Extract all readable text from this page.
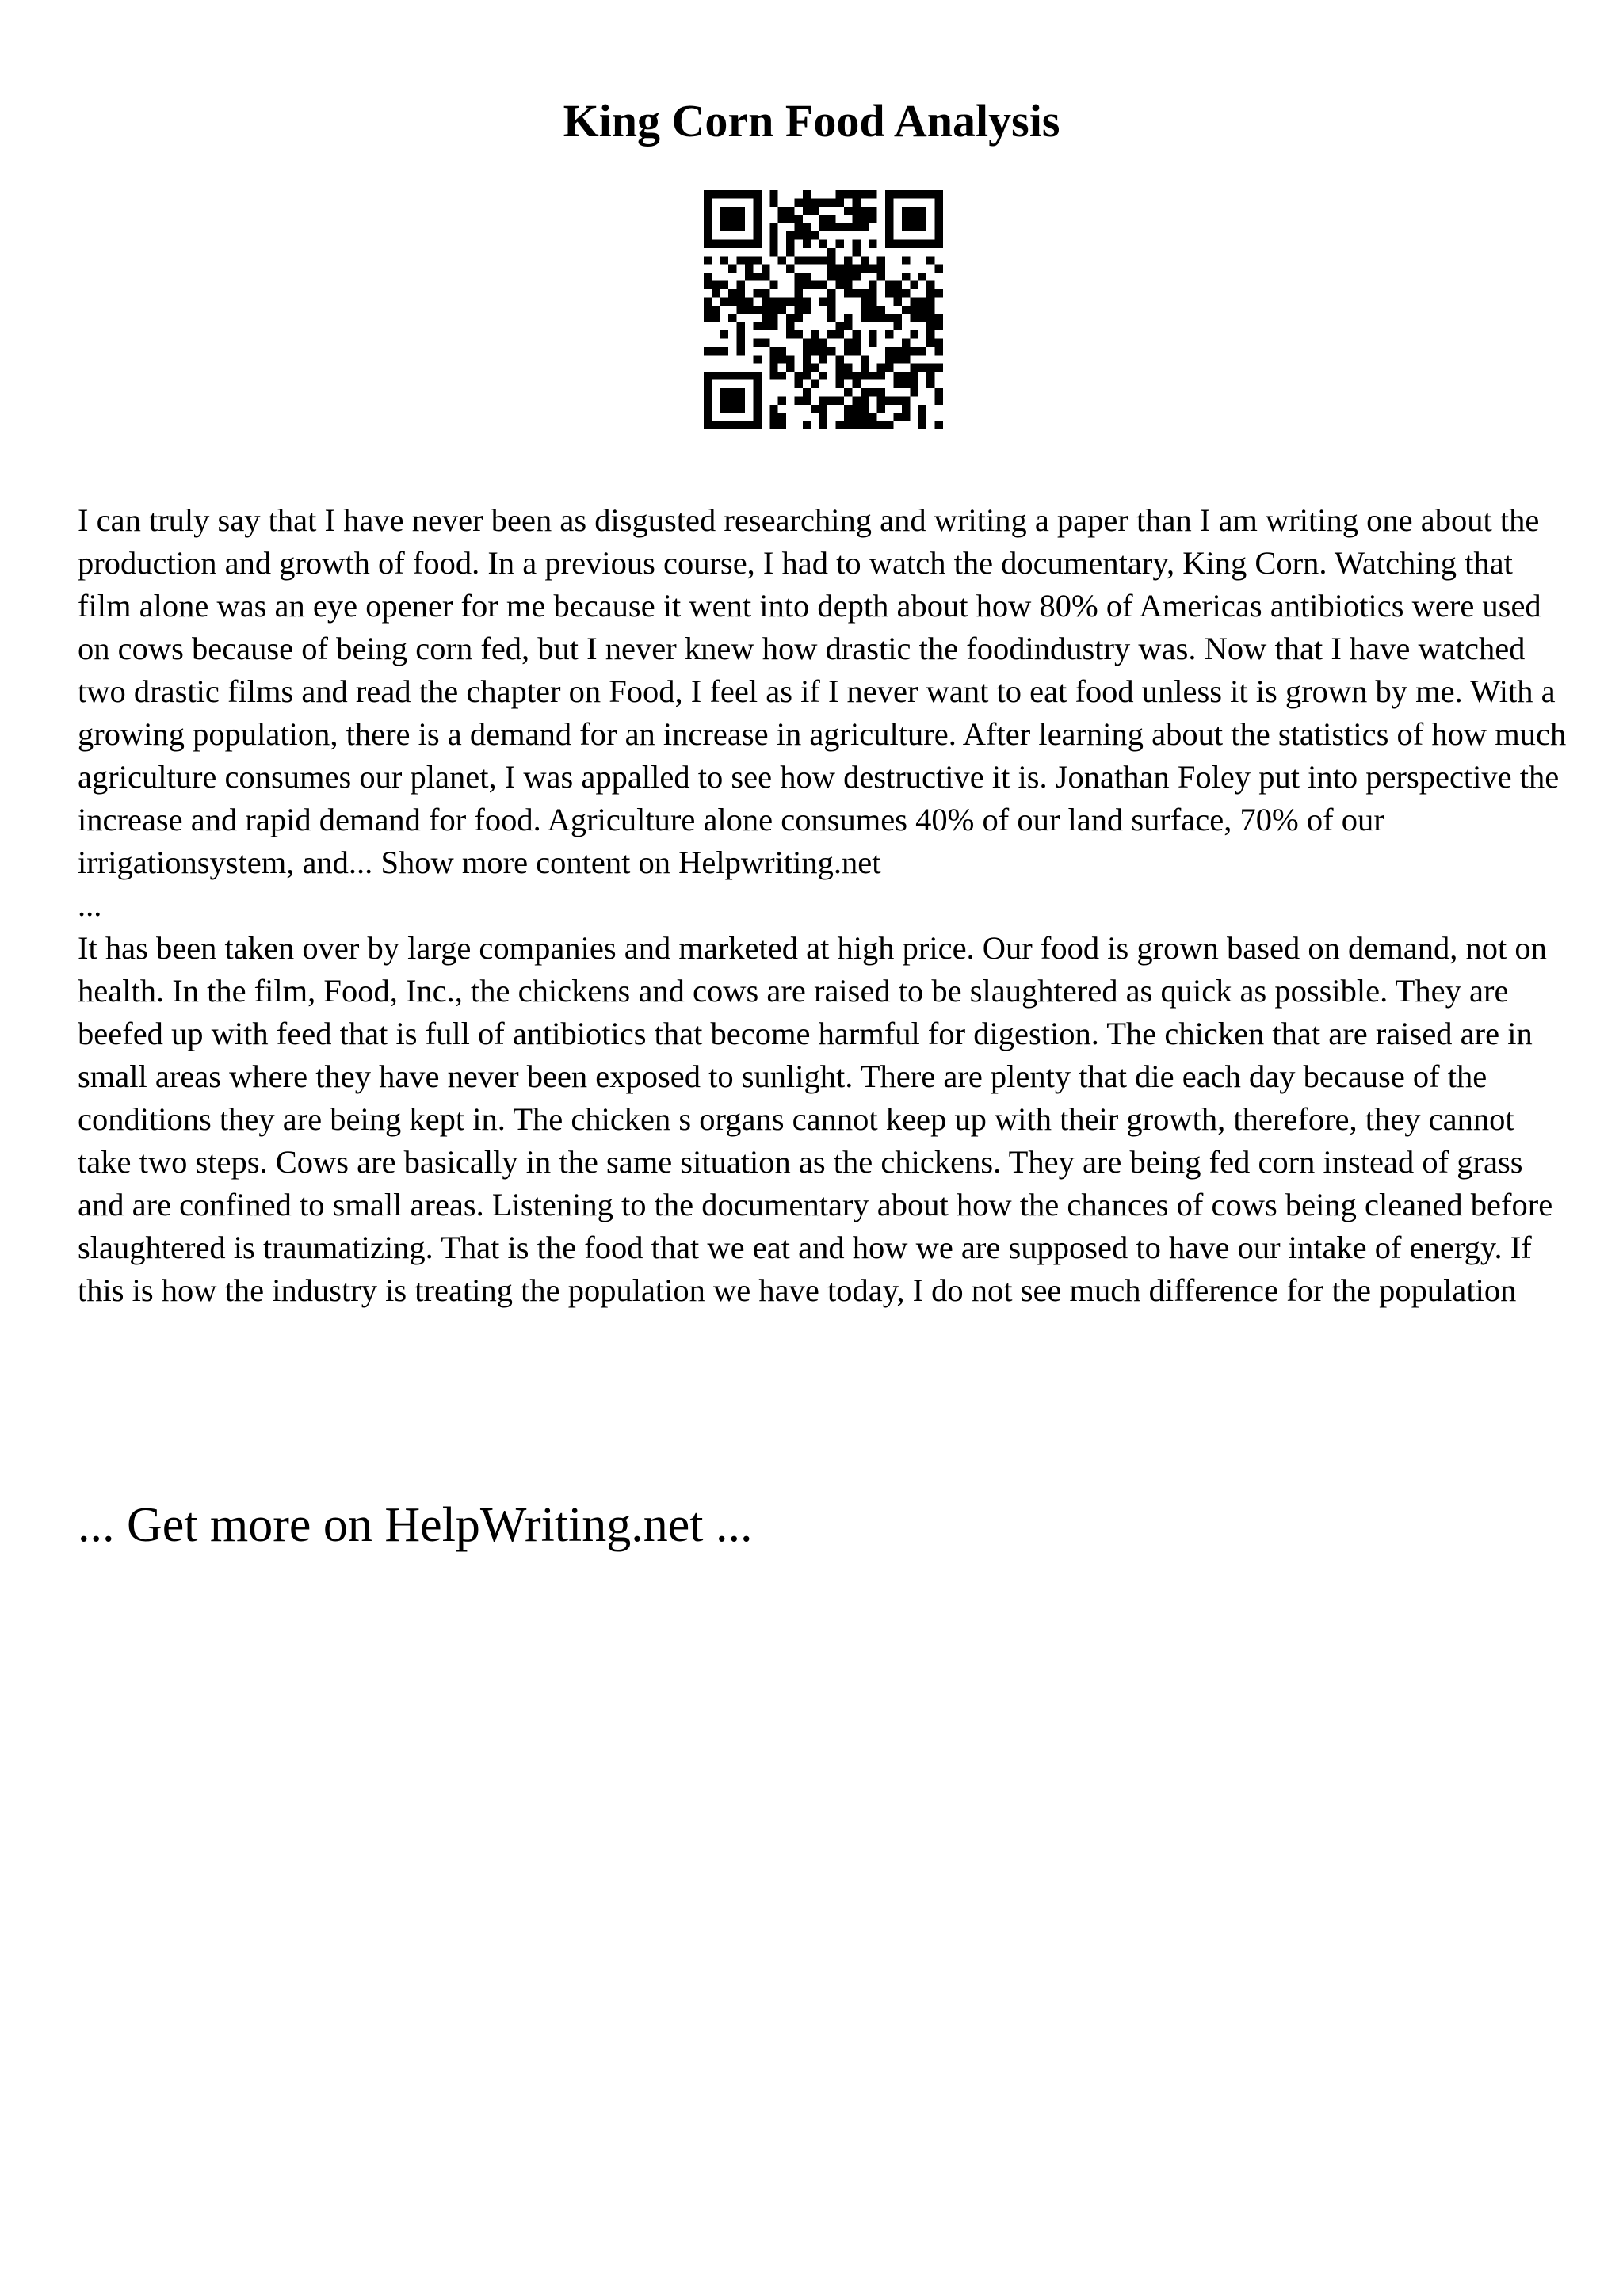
King Corn Food Analysis

I can truly say that I have never been as disgusted researching and writing a paper than I am writing one about the production and growth of food. In a previous course, I had to watch the documentary, King Corn. Watching that film alone was an eye opener for me because it went into depth about how 80% of Americas antibiotics were used on cows because of being corn fed, but I never knew how drastic the foodindustry was. Now that I have watched two drastic films and read the chapter on Food, I feel as if I never want to eat food unless it is grown by me. With a growing population, there is a demand for an increase in agriculture. After learning about the statistics of how much agriculture consumes our planet, I was appalled to see how destructive it is. Jonathan Foley put into perspective the increase and rapid demand for food. Agriculture alone consumes 40% of our land surface, 70% of our irrigationsystem, and... Show more content on Helpwriting.net

...

It has been taken over by large companies and marketed at high price. Our food is grown based on demand, not on health. In the film, Food, Inc., the chickens and cows are raised to be slaughtered as quick as possible. They are beefed up with feed that is full of antibiotics that become harmful for digestion. The chicken that are raised are in small areas where they have never been exposed to sunlight. There are plenty that die each day because of the conditions they are being kept in. The chicken s organs cannot keep up with their growth, therefore, they cannot take two steps. Cows are basically in the same situation as the chickens. They are being fed corn instead of grass and are confined to small areas. Listening to the documentary about how the chances of cows being cleaned before slaughtered is traumatizing. That is the food that we eat and how we are supposed to have our intake of energy. If this is how the industry is treating the population we have today, I do not see much difference for the population

... Get more on HelpWriting.net ...
